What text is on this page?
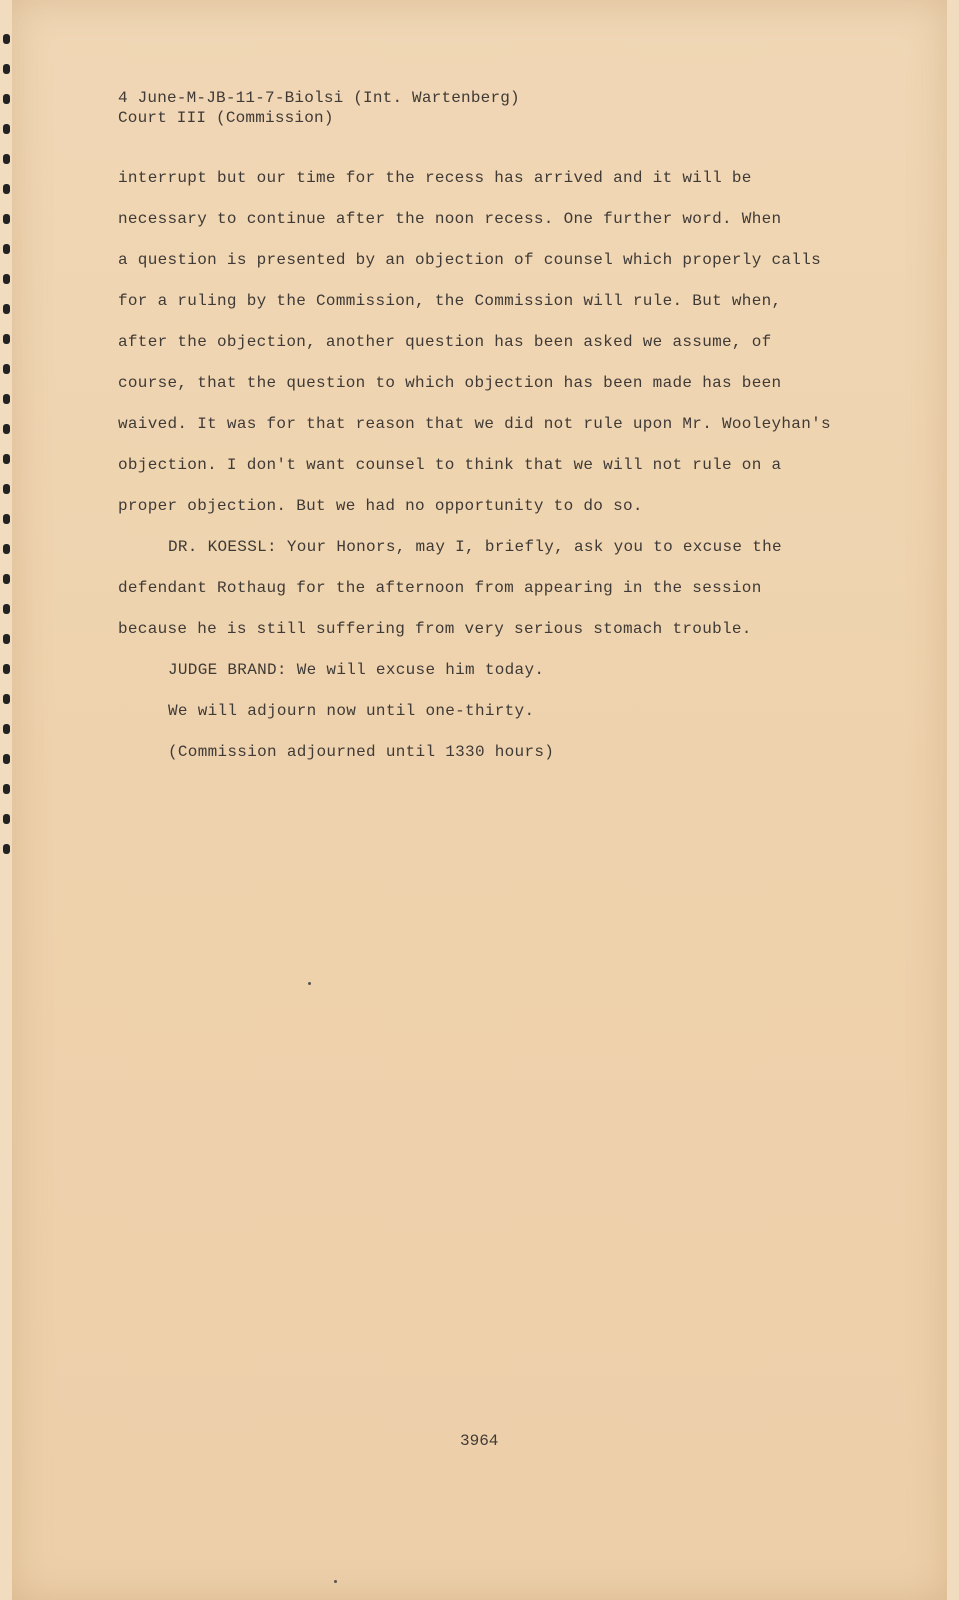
4 June-M-JB-11-7-Biolsi (Int. Wartenberg)
Court III (Commission)
interrupt but our time for the recess has arrived and it will be
necessary to continue after the noon recess. One further word. When
a question is presented by an objection of counsel which properly calls
for a ruling by the Commission, the Commission will rule. But when,
after the objection, another question has been asked we assume, of
course, that the question to which objection has been made has been
waived. It was for that reason that we did not rule upon Mr. Wooleyhan's
objection. I don't want counsel to think that we will not rule on a
proper objection. But we had no opportunity to do so.
DR. KOESSL: Your Honors, may I, briefly, ask you to excuse the
defendant Rothaug for the afternoon from appearing in the session
because he is still suffering from very serious stomach trouble.
JUDGE BRAND: We will excuse him today.
We will adjourn now until one-thirty.
(Commission adjourned until 1330 hours)
3964
